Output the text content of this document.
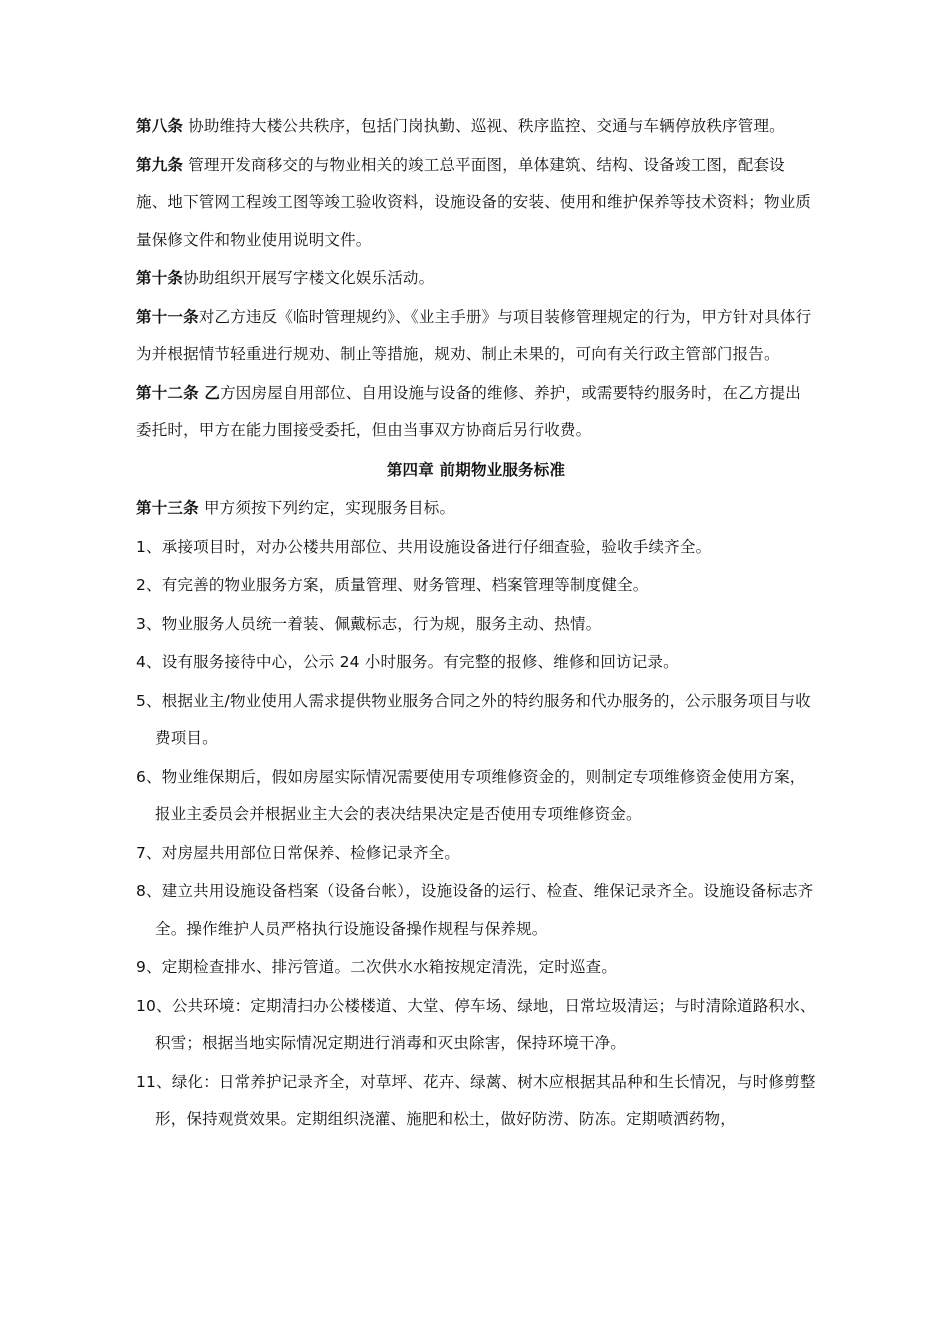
第八条 协助维持大楼公共秩序，包括门岗执勤、巡视、秩序监控、交通与车辆停放秩序管理。

第九条 管理开发商移交的与物业相关的竣工总平面图，单体建筑、结构、设备竣工图，配套设施、地下管网工程竣工图等竣工验收资料，设施设备的安装、使用和维护保养等技术资料；物业质量保修文件和物业使用说明文件。

第十条协助组织开展写字楼文化娱乐活动。

第十一条对乙方违反《临时管理规约》、《业主手册》与项目装修管理规定的行为，甲方针对具体行为并根据情节轻重进行规劝、制止等措施，规劝、制止未果的，可向有关行政主管部门报告。

第十二条 乙方因房屋自用部位、自用设施与设备的维修、养护，或需要特约服务时，在乙方提出委托时，甲方在能力围接受委托，但由当事双方协商后另行收费。

第四章 前期物业服务标准

第十三条 甲方须按下列约定，实现服务目标。

1、承接项目时，对办公楼共用部位、共用设施设备进行仔细查验，验收手续齐全。

2、有完善的物业服务方案，质量管理、财务管理、档案管理等制度健全。

3、物业服务人员统一着装、佩戴标志，行为规，服务主动、热情。

4、设有服务接待中心，公示 24 小时服务。有完整的报修、维修和回访记录。

5、根据业主/物业使用人需求提供物业服务合同之外的特约服务和代办服务的，公示服务项目与收费项目。

6、物业维保期后，假如房屋实际情况需要使用专项维修资金的，则制定专项维修资金使用方案，报业主委员会并根据业主大会的表决结果决定是否使用专项维修资金。

7、对房屋共用部位日常保养、检修记录齐全。

8、建立共用设施设备档案（设备台帐），设施设备的运行、检查、维保记录齐全。设施设备标志齐全。操作维护人员严格执行设施设备操作规程与保养规。

9、定期检查排水、排污管道。二次供水水箱按规定清洗，定时巡查。

10、公共环境：定期清扫办公楼楼道、大堂、停车场、绿地，日常垃圾清运；与时清除道路积水、积雪；根据当地实际情况定期进行消毒和灭虫除害，保持环境干净。

11、绿化：日常养护记录齐全，对草坪、花卉、绿蓠、树木应根据其品种和生长情况，与时修剪整形，保持观赏效果。定期组织浇灌、施肥和松土，做好防涝、防冻。定期喷洒药物，
